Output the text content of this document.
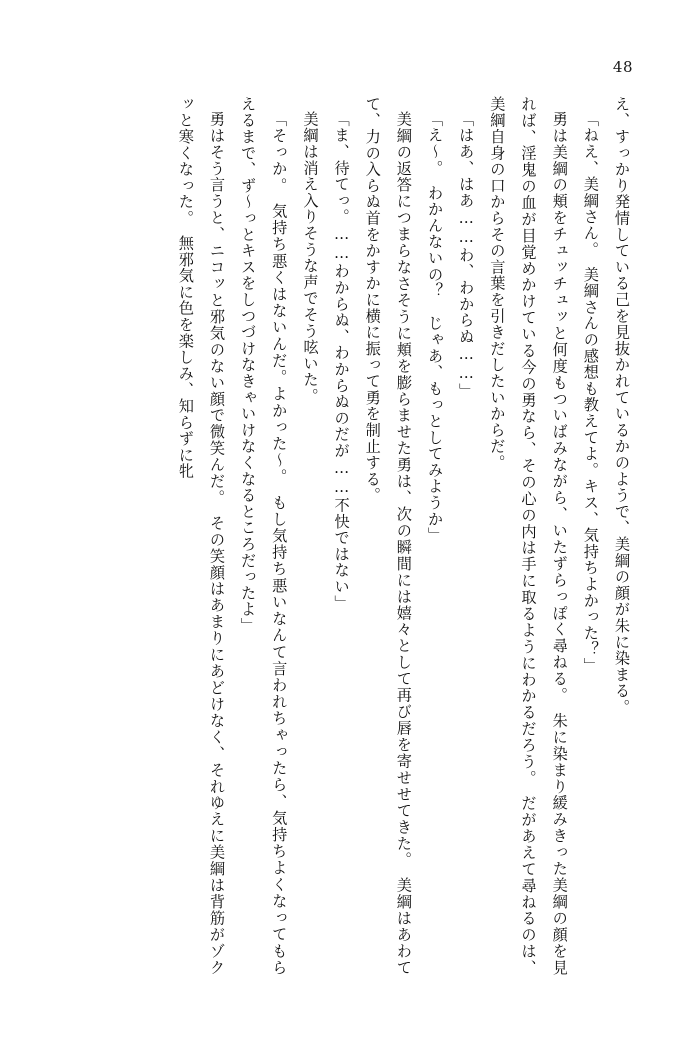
48

え、すっかり発情している己を見抜かれているかのようで、美綱の顔が朱に染まる。

「ねえ、美綱さん。　美綱さんの感想も教えてよ。キス、気持ちよかった？」

勇は美綱の頬をチュッチュッと何度もついばみながら、いたずらっぽく尋ねる。　朱に染まり緩みきった美綱の顔を見れば、淫鬼の血が目覚めかけている今の勇なら、その心の内は手に取るようにわかるだろう。　だがあえて尋ねるのは、美綱自身の口からその言葉を引きだしたいからだ。

「はあ、はあ……わ、わからぬ……」

「え～。　わかんないの？　じゃあ、もっとしてみようか」

美綱の返答につまらなさそうに頬を膨らませた勇は、次の瞬間には嬉々として再び唇を寄せせてきた。　美綱はあわてて、力の入らぬ首をかすかに横に振って勇を制止する。

「ま、待てっ。……わからぬ、わからぬのだが……不快ではない」

美綱は消え入りそうな声でそう呟いた。

「そっか。　気持ち悪くはないんだ。よかった～。　もし気持ち悪いなんて言われちゃったら、気持ちよくなってもらえるまで、ず～っとキスをしつづけなきゃいけなくなるところだったよ」

勇はそう言うと、ニコッと邪気のない顔で微笑んだ。　その笑顔はあまりにあどけなく、それゆえに美綱は背筋がゾクッと寒くなった。　無邪気に色を楽しみ、知らずに牝
